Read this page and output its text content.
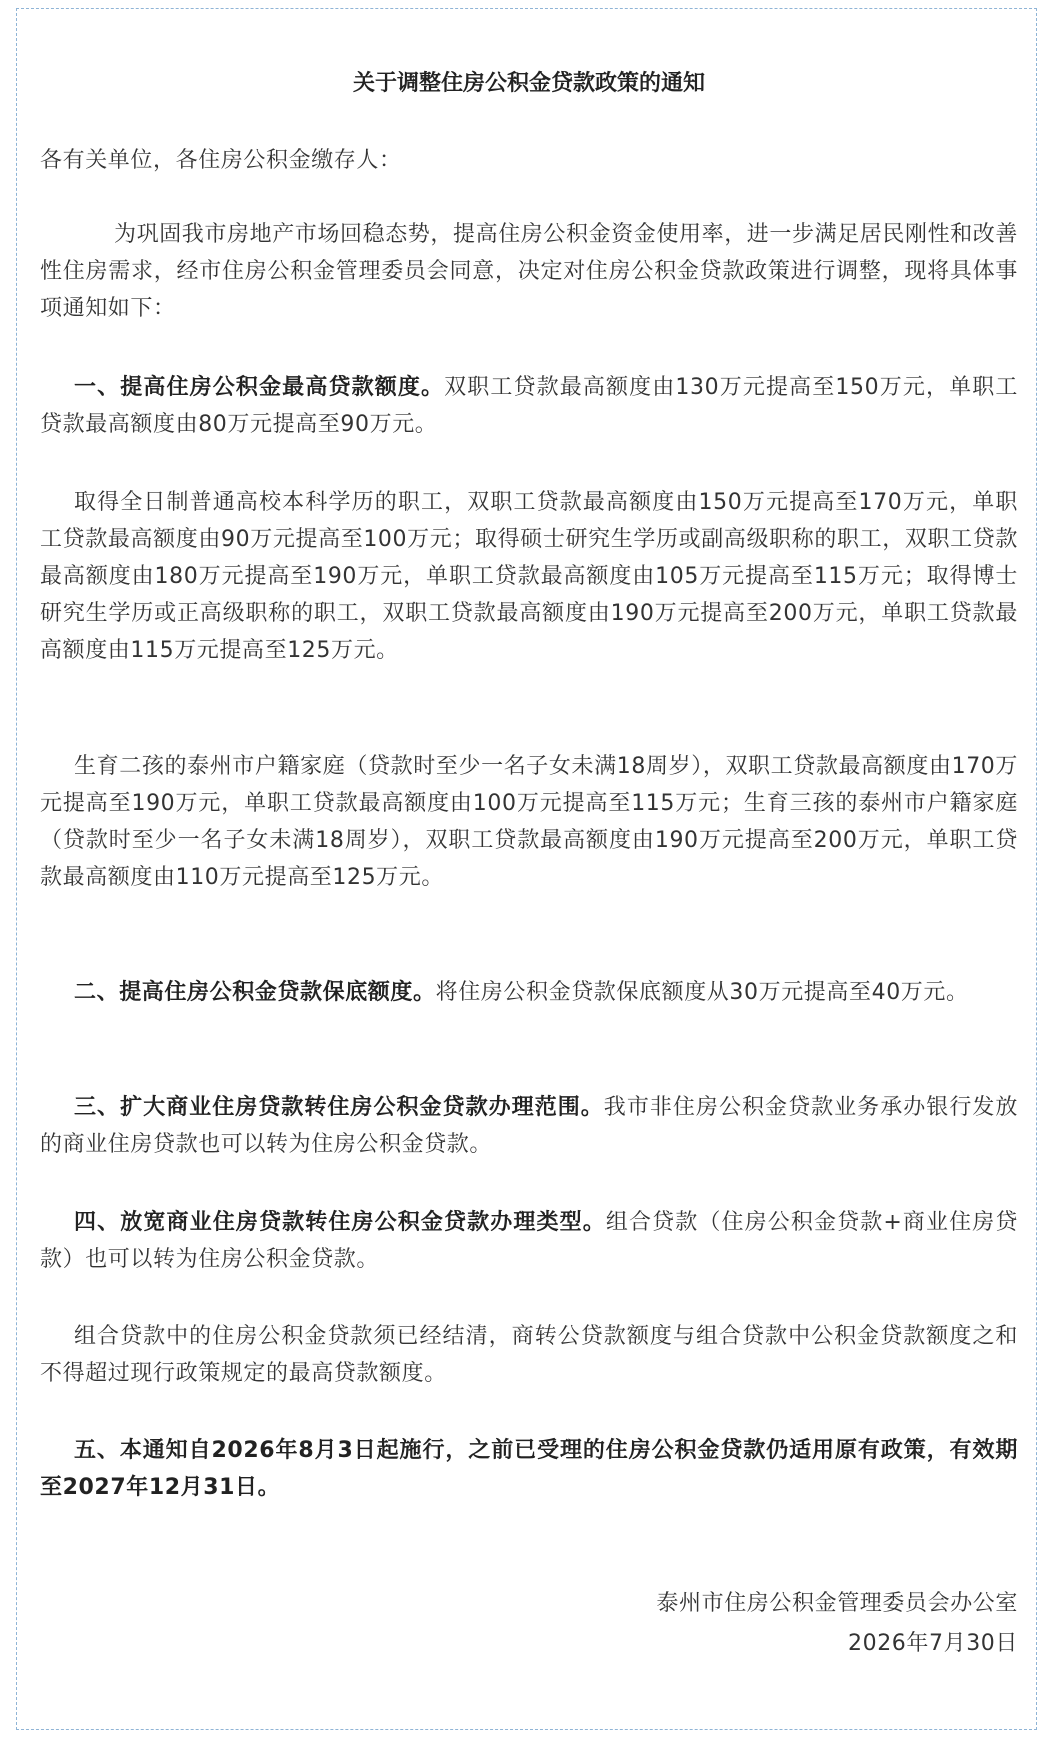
关于调整住房公积金贷款政策的通知
各有关单位，各住房公积金缴存人：
为巩固我市房地产市场回稳态势，提高住房公积金资金使用率，进一步满足居民刚性和改善性住房需求，经市住房公积金管理委员会同意，决定对住房公积金贷款政策进行调整，现将具体事项通知如下：
一、提高住房公积金最高贷款额度。双职工贷款最高额度由130万元提高至150万元，单职工贷款最高额度由80万元提高至90万元。
取得全日制普通高校本科学历的职工，双职工贷款最高额度由150万元提高至170万元，单职工贷款最高额度由90万元提高至100万元；取得硕士研究生学历或副高级职称的职工，双职工贷款最高额度由180万元提高至190万元，单职工贷款最高额度由105万元提高至115万元；取得博士研究生学历或正高级职称的职工，双职工贷款最高额度由190万元提高至200万元，单职工贷款最高额度由115万元提高至125万元。
生育二孩的泰州市户籍家庭（贷款时至少一名子女未满18周岁），双职工贷款最高额度由170万元提高至190万元，单职工贷款最高额度由100万元提高至115万元；生育三孩的泰州市户籍家庭（贷款时至少一名子女未满18周岁），双职工贷款最高额度由190万元提高至200万元，单职工贷款最高额度由110万元提高至125万元。
二、提高住房公积金贷款保底额度。将住房公积金贷款保底额度从30万元提高至40万元。
三、扩大商业住房贷款转住房公积金贷款办理范围。我市非住房公积金贷款业务承办银行发放的商业住房贷款也可以转为住房公积金贷款。
四、放宽商业住房贷款转住房公积金贷款办理类型。组合贷款（住房公积金贷款+商业住房贷款）也可以转为住房公积金贷款。
组合贷款中的住房公积金贷款须已经结清，商转公贷款额度与组合贷款中公积金贷款额度之和不得超过现行政策规定的最高贷款额度。
五、本通知自2026年8月3日起施行，之前已受理的住房公积金贷款仍适用原有政策，有效期至2027年12月31日。
泰州市住房公积金管理委员会办公室
2026年7月30日
